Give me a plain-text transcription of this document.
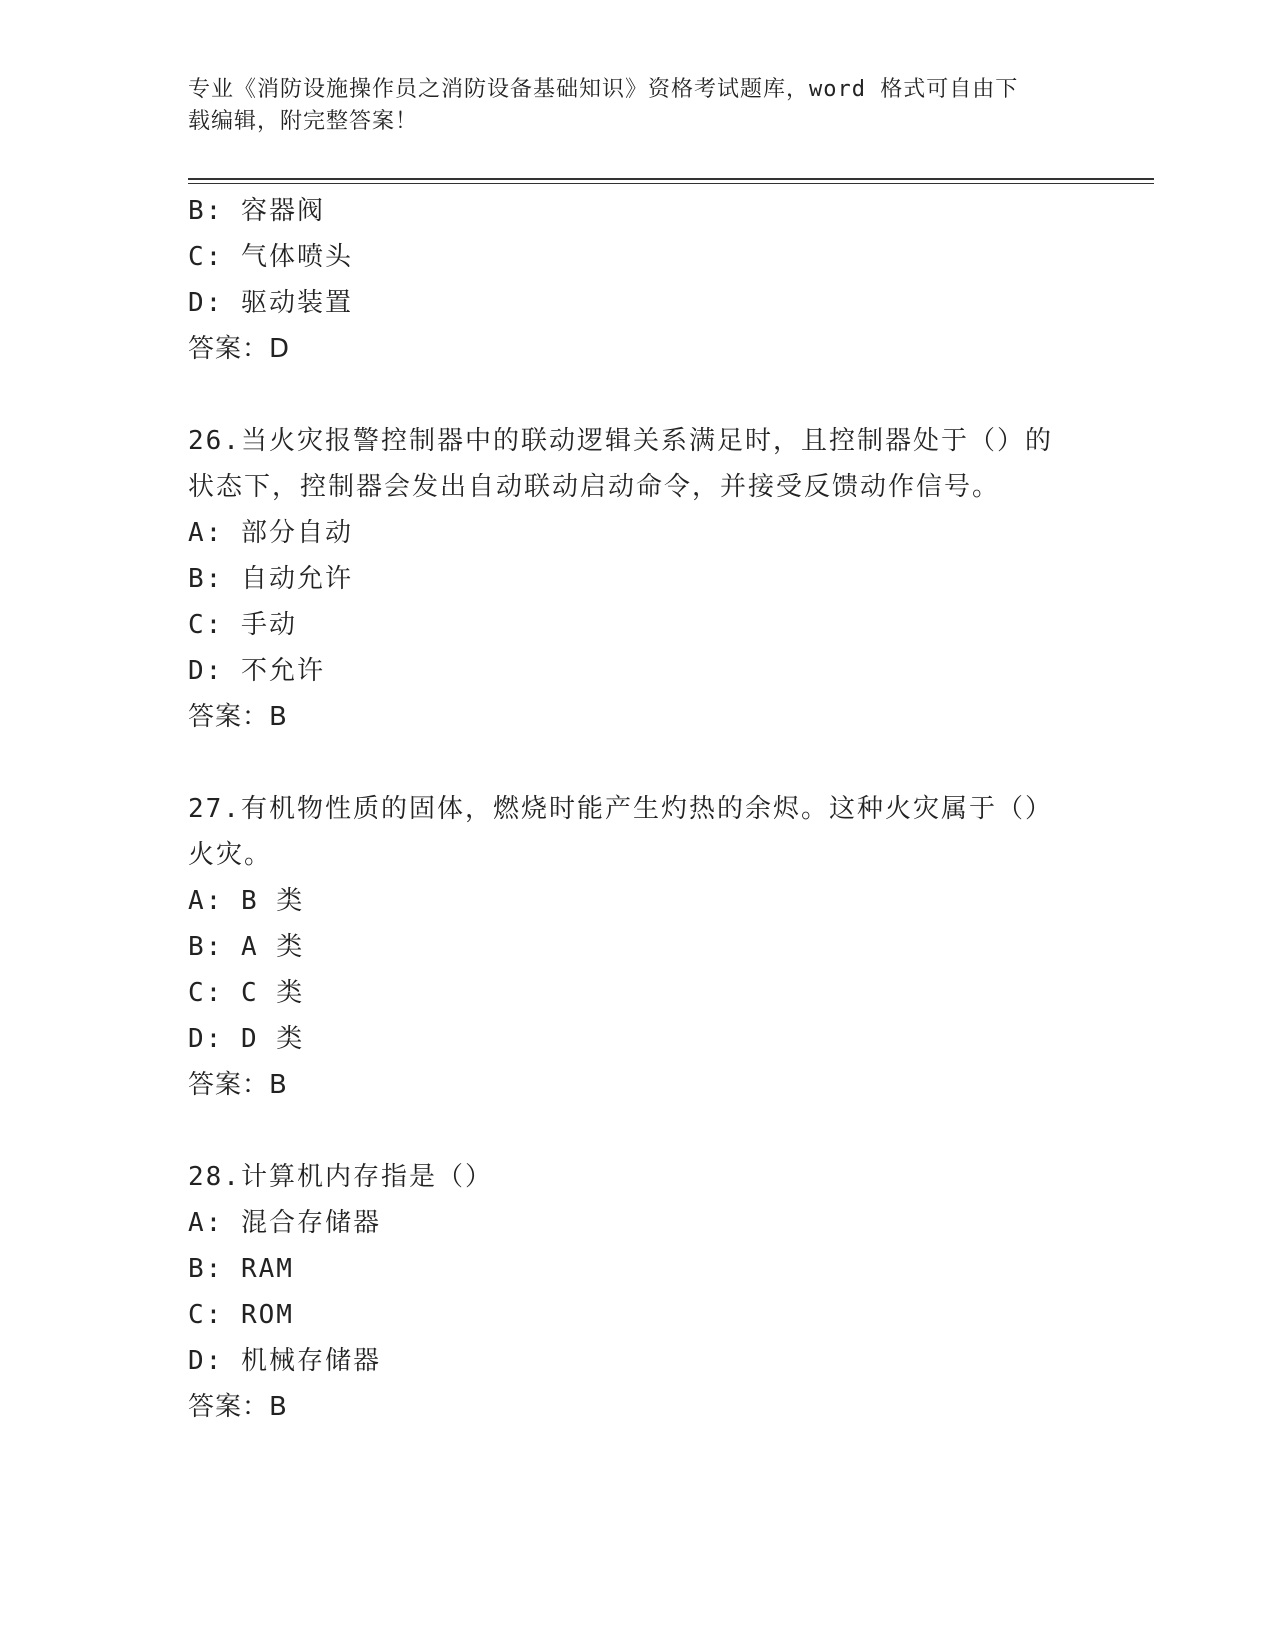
专业《消防设施操作员之消防设备基础知识》资格考试题库，word 格式可自由下
载编辑，附完整答案！
B: 容器阀
C: 气体喷头
D: 驱动装置
答案：D
26.当火灾报警控制器中的联动逻辑关系满足时，且控制器处于（）的
状态下，控制器会发出自动联动启动命令，并接受反馈动作信号。
A: 部分自动
B: 自动允许
C: 手动
D: 不允许
答案：B
27.有机物性质的固体，燃烧时能产生灼热的余烬。这种火灾属于（）
火灾。
A: B 类
B: A 类
C: C 类
D: D 类
答案：B
28.计算机内存指是（）
A: 混合存储器
B: RAM
C: ROM
D: 机械存储器
答案：B
